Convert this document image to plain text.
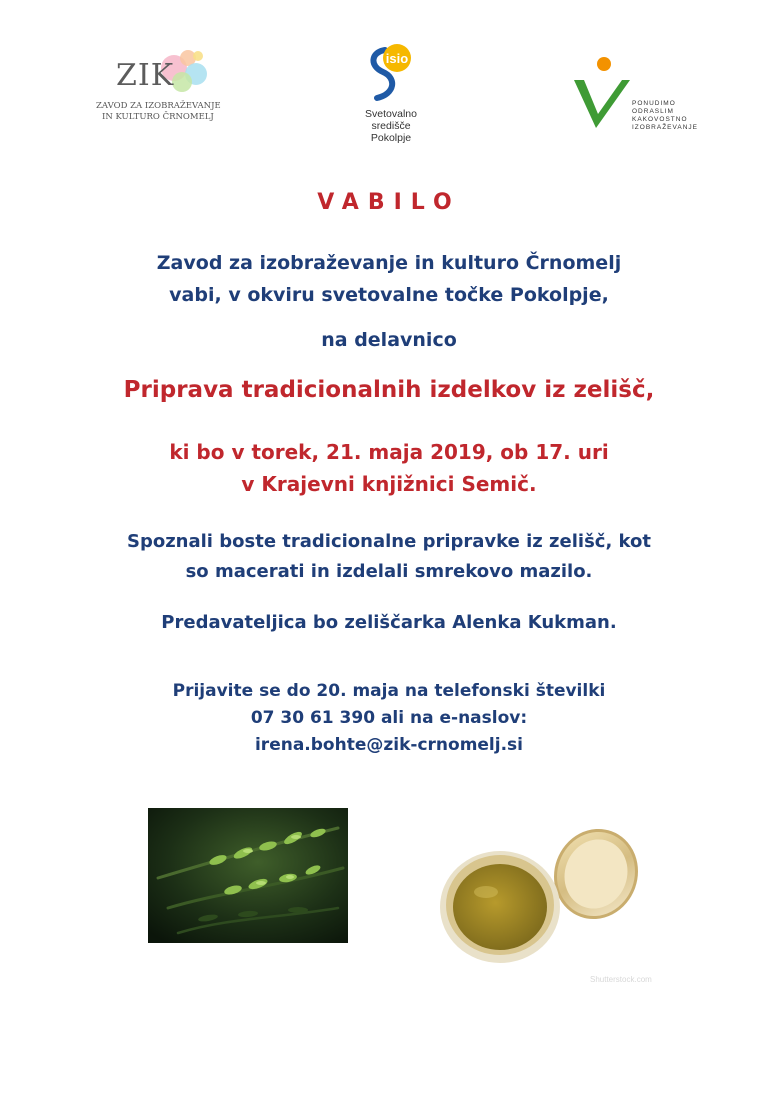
ZIK
ZAVOD ZA IZOBRAŽEVANJE
IN KULTURO ČRNOMELJ
isio
Svetovalno
središče
Pokolpje
PONUDIMO
ODRASLIM
KAKOVOSTNO
IZOBRAŽEVANJE
VABILO
Zavod za izobraževanje in kulturo Črnomelj
vabi, v okviru svetovalne točke Pokolpje,
na delavnico
Priprava tradicionalnih izdelkov iz zelišč,
ki bo v torek, 21. maja 2019, ob 17. uri
v Krajevni knjižnici Semič.
Spoznali boste tradicionalne pripravke iz zelišč, kot
so macerati in izdelali smrekovo mazilo.
Predavateljica bo zeliščarka Alenka Kukman.
Prijavite se do 20. maja na telefonski številki
07 30 61 390 ali na e-naslov:
irena.bohte@zik-crnomelj.si
Shutterstock.com
